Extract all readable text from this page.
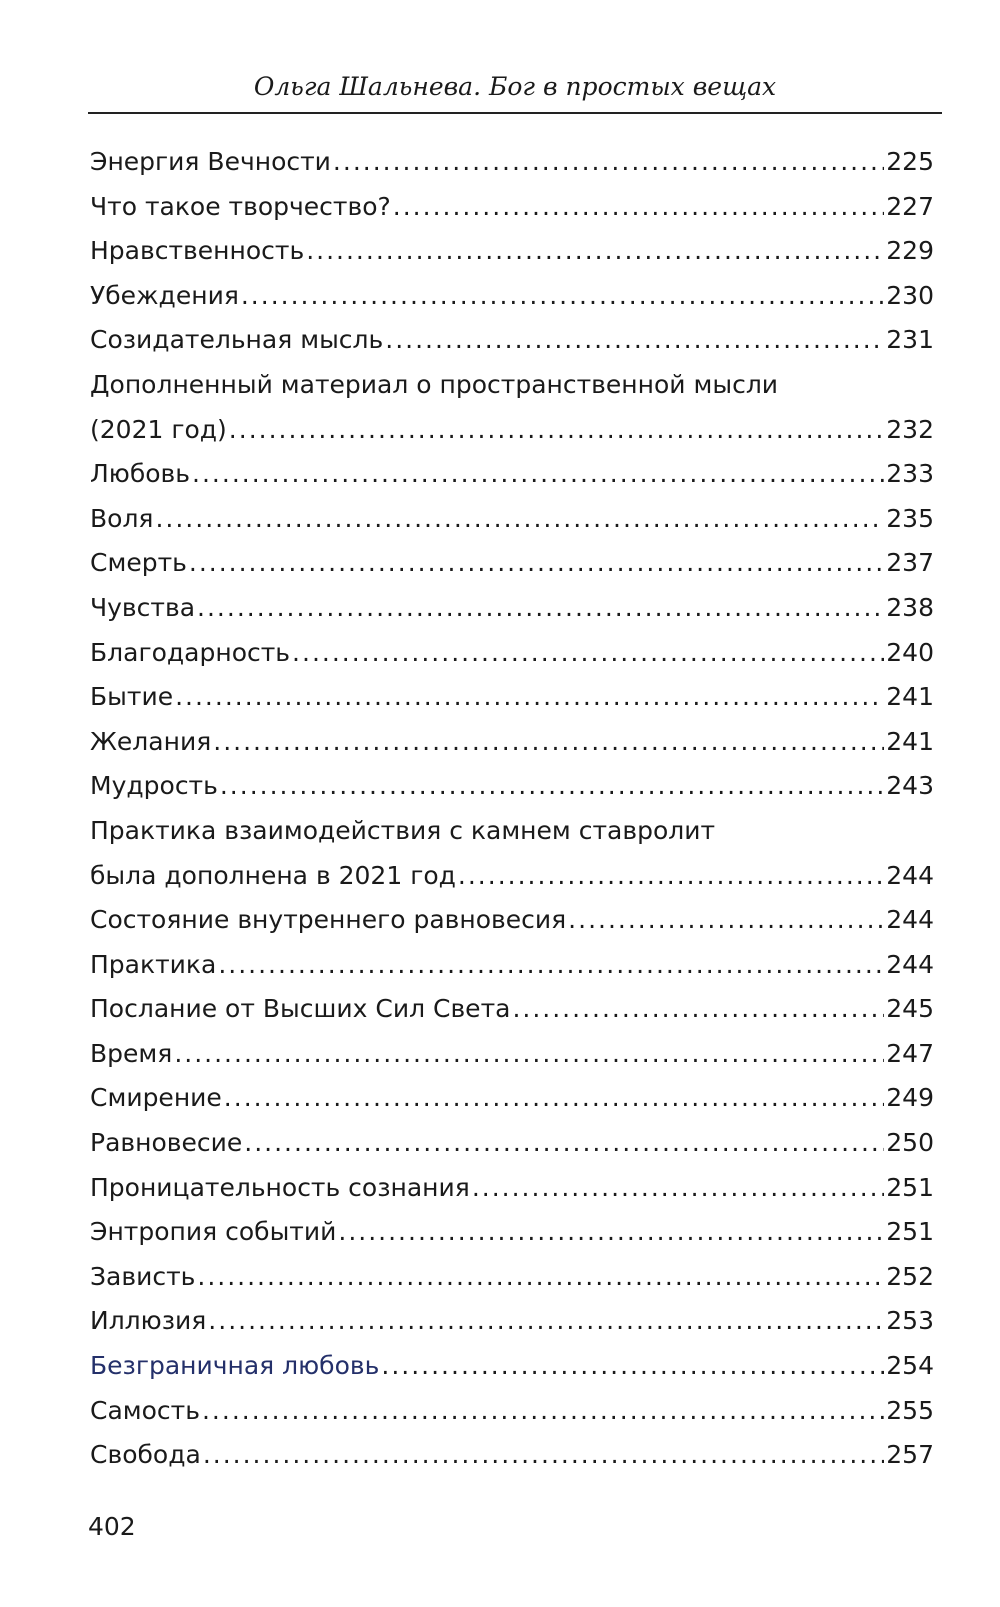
Ольга Шальнева. Бог в простых вещах
Энергия Вечности .....	225
Что такое творчество? .....	227
Нравственность .....	229
Убеждения .....	230
Созидательная мысль .....	231
Дополненный материал о пространственной мысли
(2021 год) .....	232
Любовь .....	233
Воля .....	235
Смерть .....	237
Чувства .....	238
Благодарность .....	240
Бытие .....	241
Желания .....	241
Мудрость .....	243
Практика взаимодействия с камнем ставролит
была дополнена в 2021 год .....	244
Состояние внутреннего равновесия .....	244
Практика .....	244
Послание от Высших Сил Света .....	245
Время .....	247
Смирение .....	249
Равновесие .....	250
Проницательность сознания .....	251
Энтропия событий .....	251
Зависть .....	252
Иллюзия .....	253
Безграничная любовь .....	254
Самость .....	255
Свобода .....	257
402
